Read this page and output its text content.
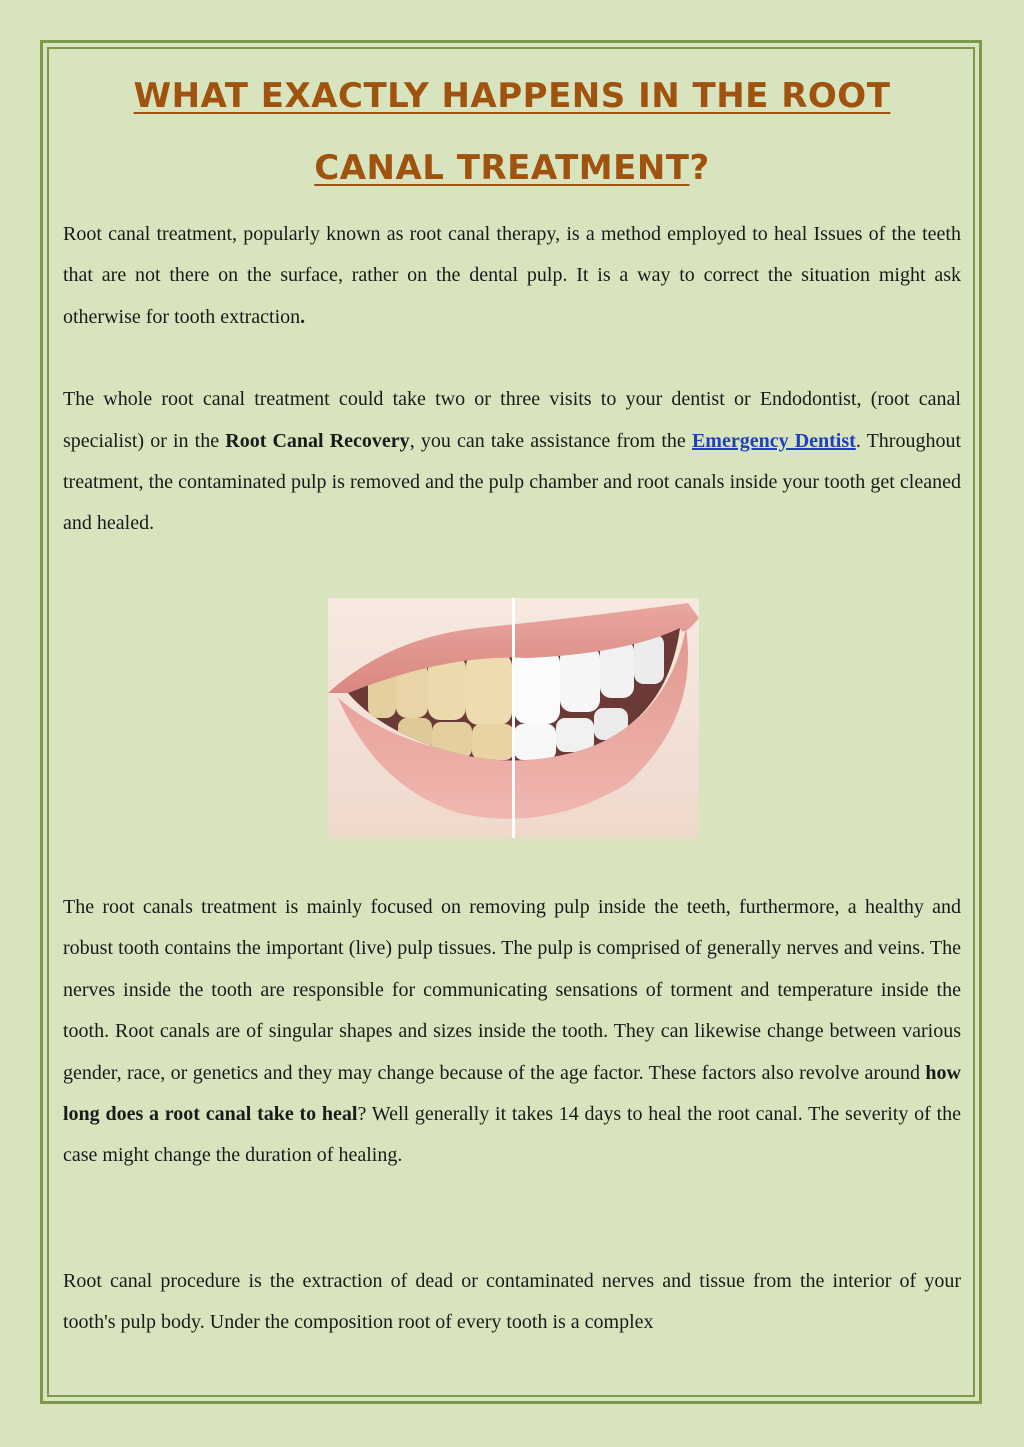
WHAT EXACTLY HAPPENS IN THE ROOT
CANAL TREATMENT?

Root canal treatment, popularly known as root canal therapy, is a method employed to heal Issues of the teeth that are not there on the surface, rather on the dental pulp. It is a way to correct the situation might ask otherwise for tooth extraction.

The whole root canal treatment could take two or three visits to your dentist or Endodontist, (root canal specialist) or in the Root Canal Recovery, you can take assistance from the Emergency Dentist. Throughout treatment, the contaminated pulp is removed and the pulp chamber and root canals inside your tooth get cleaned and healed.

The root canals treatment is mainly focused on removing pulp inside the teeth, furthermore, a healthy and robust tooth contains the important (live) pulp tissues. The pulp is comprised of generally nerves and veins. The nerves inside the tooth are responsible for communicating sensations of torment and temperature inside the tooth. Root canals are of singular shapes and sizes inside the tooth. They can likewise change between various gender, race, or genetics and they may change because of the age factor. These factors also revolve around how long does a root canal take to heal? Well generally it takes 14 days to heal the root canal. The severity of the case might change the duration of healing.

Root canal procedure is the extraction of dead or contaminated nerves and tissue from the interior of your tooth's pulp body. Under the composition root of every tooth is a complex
